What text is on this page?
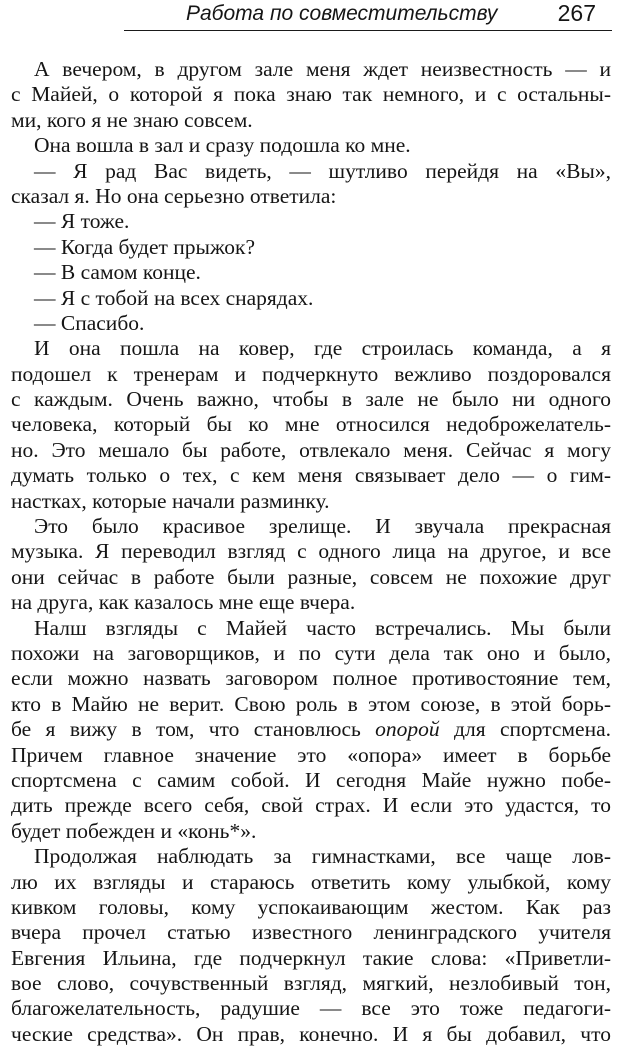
Работа по совместительству	267
А вечером, в другом зале меня ждет неизвестность — и
с Майей, о которой я пока знаю так немного, и с остальны-
ми, кого я не знаю совсем.
Она вошла в зал и сразу подошла ко мне.
— Я рад Вас видеть, — шутливо перейдя на «Вы»,
сказал я. Но она серьезно ответила:
— Я тоже.
— Когда будет прыжок?
— В самом конце.
— Я с тобой на всех снарядах.
— Спасибо.
И она пошла на ковер, где строилась команда, а я
подошел к тренерам и подчеркнуто вежливо поздоровался
с каждым. Очень важно, чтобы в зале не было ни одного
человека, который бы ко мне относился недоброжелатель-
но. Это мешало бы работе, отвлекало меня. Сейчас я могу
думать только о тех, с кем меня связывает дело — о гим-
настках, которые начали разминку.
Это было красивое зрелище. И звучала прекрасная
музыка. Я переводил взгляд с одного лица на другое, и все
они сейчас в работе были разные, совсем не похожие друг
на друга, как казалось мне еще вчера.
Налш взгляды с Майей часто встречались. Мы были
похожи на заговорщиков, и по сути дела так оно и было,
если можно назвать заговором полное противостояние тем,
кто в Майю не верит. Свою роль в этом союзе, в этой борь-
бе я вижу в том, что становлюсь опорой для спортсмена.
Причем главное значение это «опора» имеет в борьбе
спортсмена с самим собой. И сегодня Майе нужно побе-
дить прежде всего себя, свой страх. И если это удастся, то
будет побежден и «конь*».
Продолжая наблюдать за гимнастками, все чаще лов-
лю их взгляды и стараюсь ответить кому улыбкой, кому
кивком головы, кому успокаивающим жестом. Как раз
вчера прочел статью известного ленинградского учителя
Евгения Ильина, где подчеркнул такие слова: «Приветли-
вое слово, сочувственный взгляд, мягкий, незлобивый тон,
благожелательность, радушие — все это тоже педагоги-
ческие средства». Он прав, конечно. И я бы добавил, что
